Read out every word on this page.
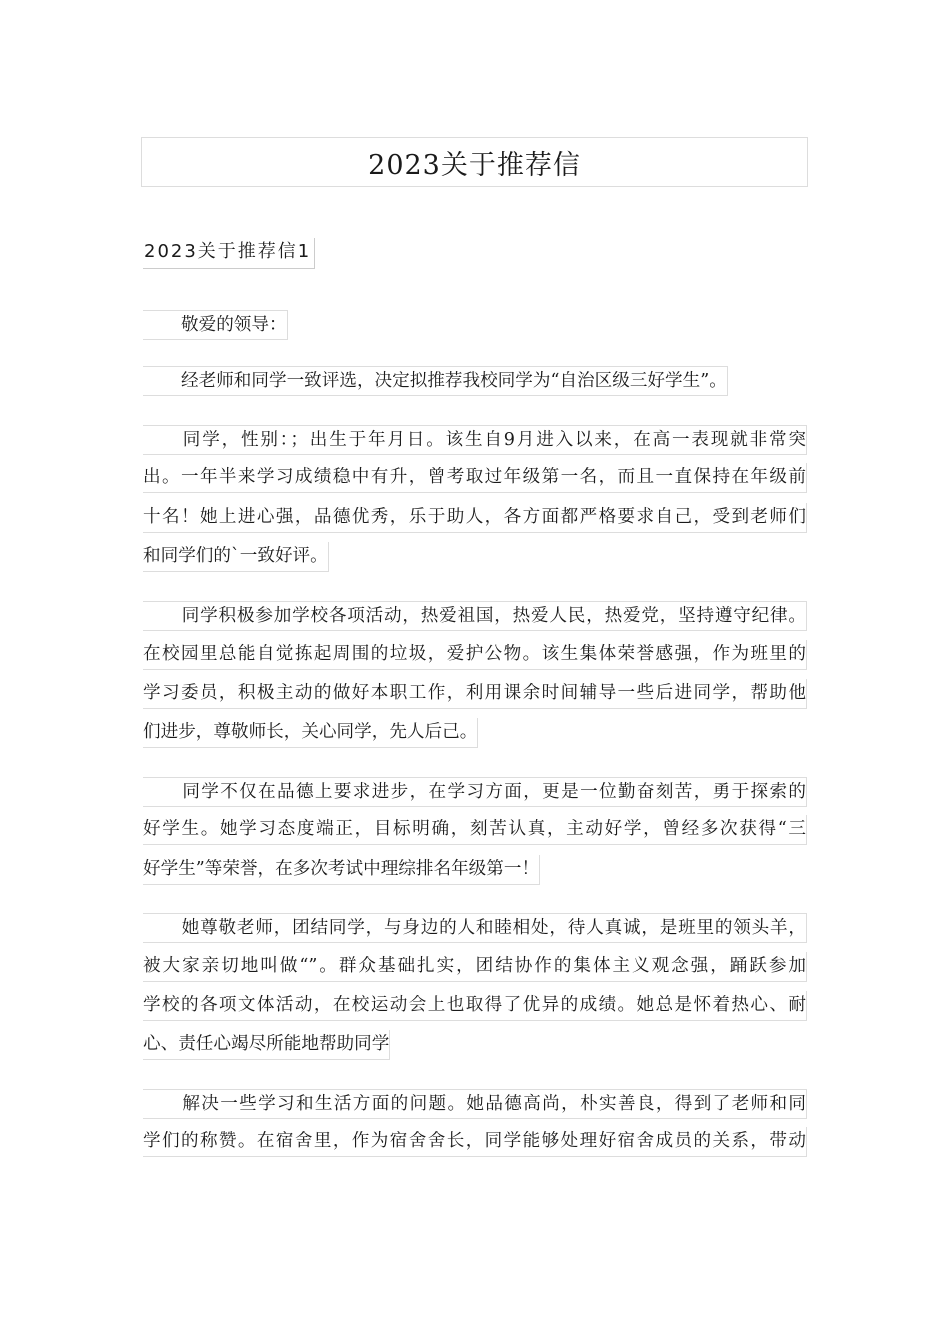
2023关于推荐信
2023关于推荐信1
敬爱的领导：
经老师和同学一致评选，决定拟推荐我校同学为“自治区级三好学生”。
同学，性别：；出生于年月日。该生自9月进入以来，在高一表现就非常突
出。一年半来学习成绩稳中有升，曾考取过年级第一名，而且一直保持在年级前
十名！她上进心强，品德优秀，乐于助人，各方面都严格要求自己，受到老师们
和同学们的`一致好评。
同学积极参加学校各项活动，热爱祖国，热爱人民，热爱党，坚持遵守纪律。
在校园里总能自觉拣起周围的垃圾，爱护公物。该生集体荣誉感强，作为班里的
学习委员，积极主动的做好本职工作，利用课余时间辅导一些后进同学，帮助他
们进步，尊敬师长，关心同学，先人后己。
同学不仅在品德上要求进步，在学习方面，更是一位勤奋刻苦，勇于探索的
好学生。她学习态度端正，目标明确，刻苦认真，主动好学，曾经多次获得“三
好学生”等荣誉，在多次考试中理综排名年级第一！
她尊敬老师，团结同学，与身边的人和睦相处，待人真诚，是班里的领头羊，
被大家亲切地叫做“”。群众基础扎实，团结协作的集体主义观念强，踊跃参加
学校的各项文体活动，在校运动会上也取得了优异的成绩。她总是怀着热心、耐
心、责任心竭尽所能地帮助同学
解决一些学习和生活方面的问题。她品德高尚，朴实善良，得到了老师和同
学们的称赞。在宿舍里，作为宿舍舍长，同学能够处理好宿舍成员的关系，带动
